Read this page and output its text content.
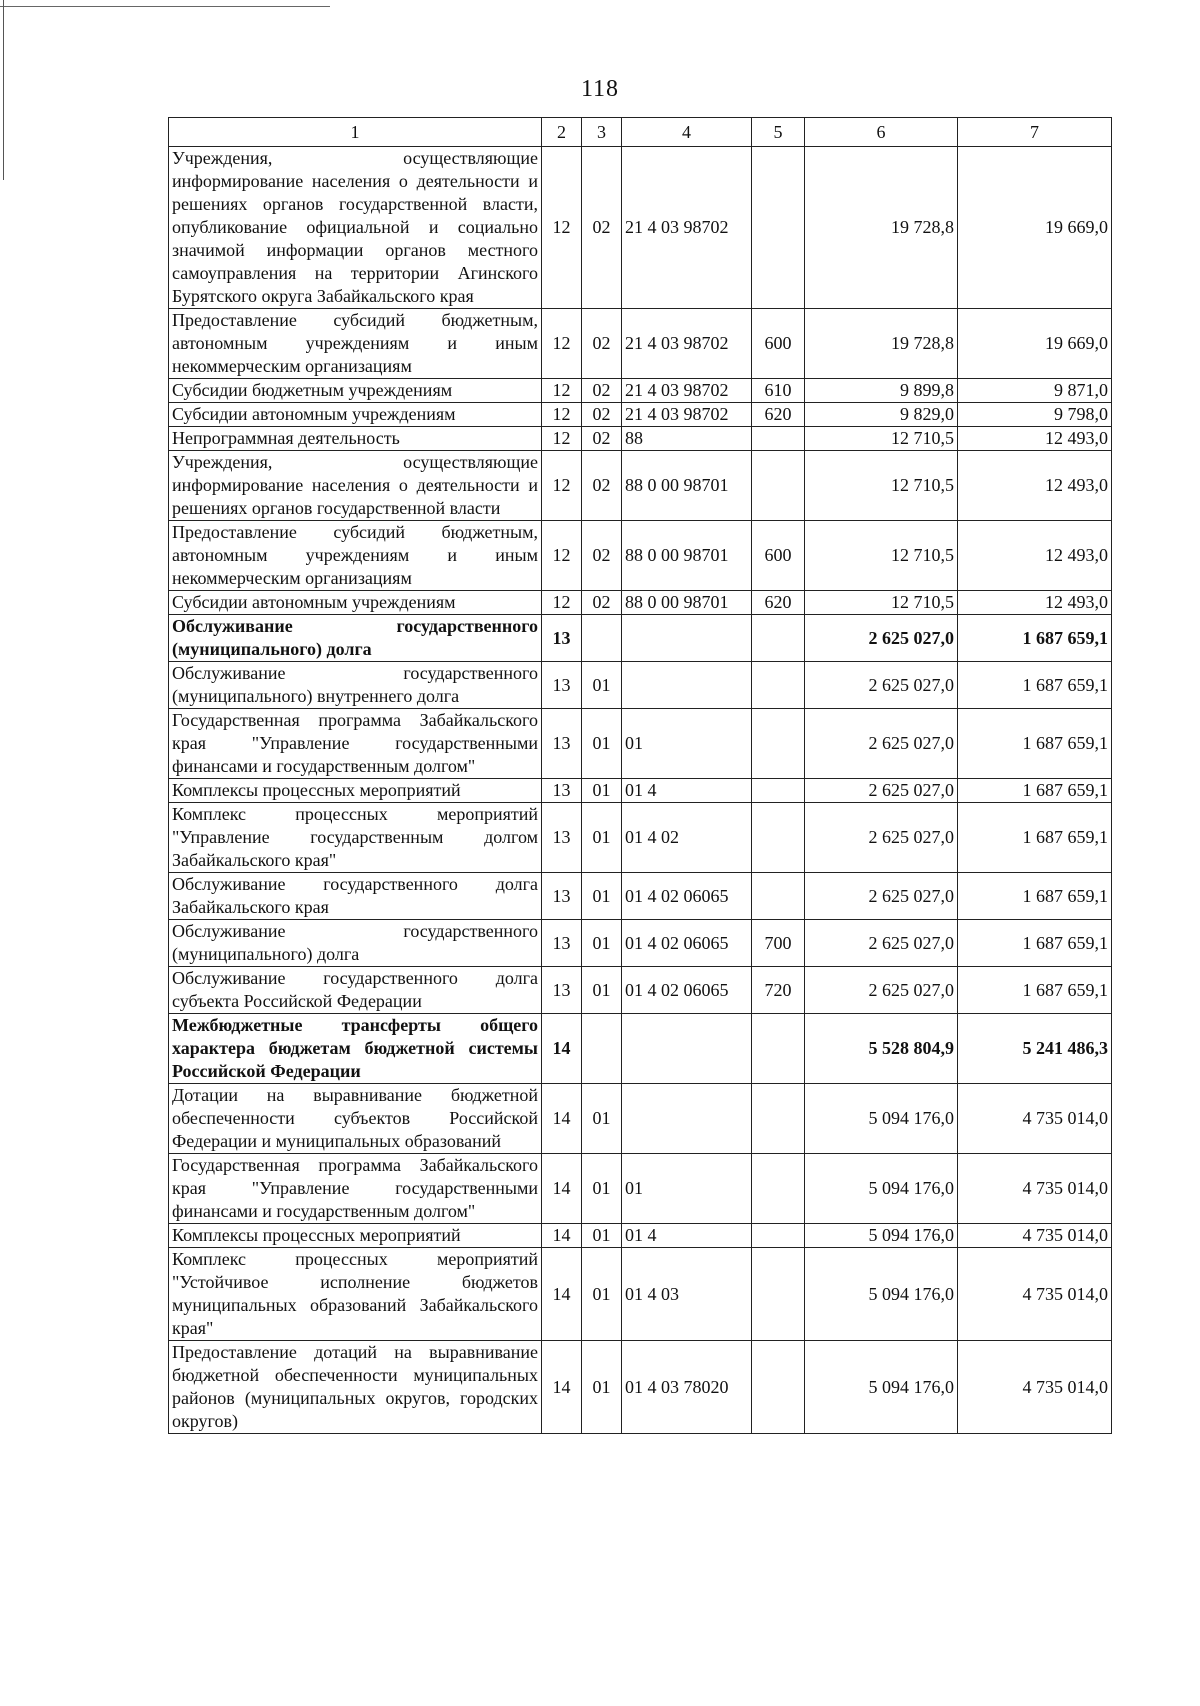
118
1	2	3	4	5	6	7
Учреждения, осуществляющие информирование населения о деятельности и решениях органов государственной власти, опубликование официальной и социально значимой информации органов местного самоуправления на территории Агинского Бурятского округа Забайкальского края	12	02	21 4 03 98702		19 728,8	19 669,0
Предоставление субсидий бюджетным, автономным учреждениям и иным некоммерческим организациям	12	02	21 4 03 98702	600	19 728,8	19 669,0
Субсидии бюджетным учреждениям	12	02	21 4 03 98702	610	9 899,8	9 871,0
Субсидии автономным учреждениям	12	02	21 4 03 98702	620	9 829,0	9 798,0
Непрограммная деятельность	12	02	88		12 710,5	12 493,0
Учреждения, осуществляющие информирование населения о деятельности и решениях органов государственной власти	12	02	88 0 00 98701		12 710,5	12 493,0
Предоставление субсидий бюджетным, автономным учреждениям и иным некоммерческим организациям	12	02	88 0 00 98701	600	12 710,5	12 493,0
Субсидии автономным учреждениям	12	02	88 0 00 98701	620	12 710,5	12 493,0
Обслуживание государственного (муниципального) долга	13				2 625 027,0	1 687 659,1
Обслуживание государственного (муниципального) внутреннего долга	13	01			2 625 027,0	1 687 659,1
Государственная программа Забайкальского края "Управление государственными финансами и государственным долгом"	13	01	01		2 625 027,0	1 687 659,1
Комплексы процессных мероприятий	13	01	01 4		2 625 027,0	1 687 659,1
Комплекс процессных мероприятий "Управление государственным долгом Забайкальского края"	13	01	01 4 02		2 625 027,0	1 687 659,1
Обслуживание государственного долга Забайкальского края	13	01	01 4 02 06065		2 625 027,0	1 687 659,1
Обслуживание государственного (муниципального) долга	13	01	01 4 02 06065	700	2 625 027,0	1 687 659,1
Обслуживание государственного долга субъекта Российской Федерации	13	01	01 4 02 06065	720	2 625 027,0	1 687 659,1
Межбюджетные трансферты общего характера бюджетам бюджетной системы Российской Федерации	14				5 528 804,9	5 241 486,3
Дотации на выравнивание бюджетной обеспеченности субъектов Российской Федерации и муниципальных образований	14	01			5 094 176,0	4 735 014,0
Государственная программа Забайкальского края "Управление государственными финансами и государственным долгом"	14	01	01		5 094 176,0	4 735 014,0
Комплексы процессных мероприятий	14	01	01 4		5 094 176,0	4 735 014,0
Комплекс процессных мероприятий "Устойчивое исполнение бюджетов муниципальных образований Забайкальского края"	14	01	01 4 03		5 094 176,0	4 735 014,0
Предоставление дотаций на выравнивание бюджетной обеспеченности муниципальных районов (муниципальных округов, городских округов)	14	01	01 4 03 78020		5 094 176,0	4 735 014,0
